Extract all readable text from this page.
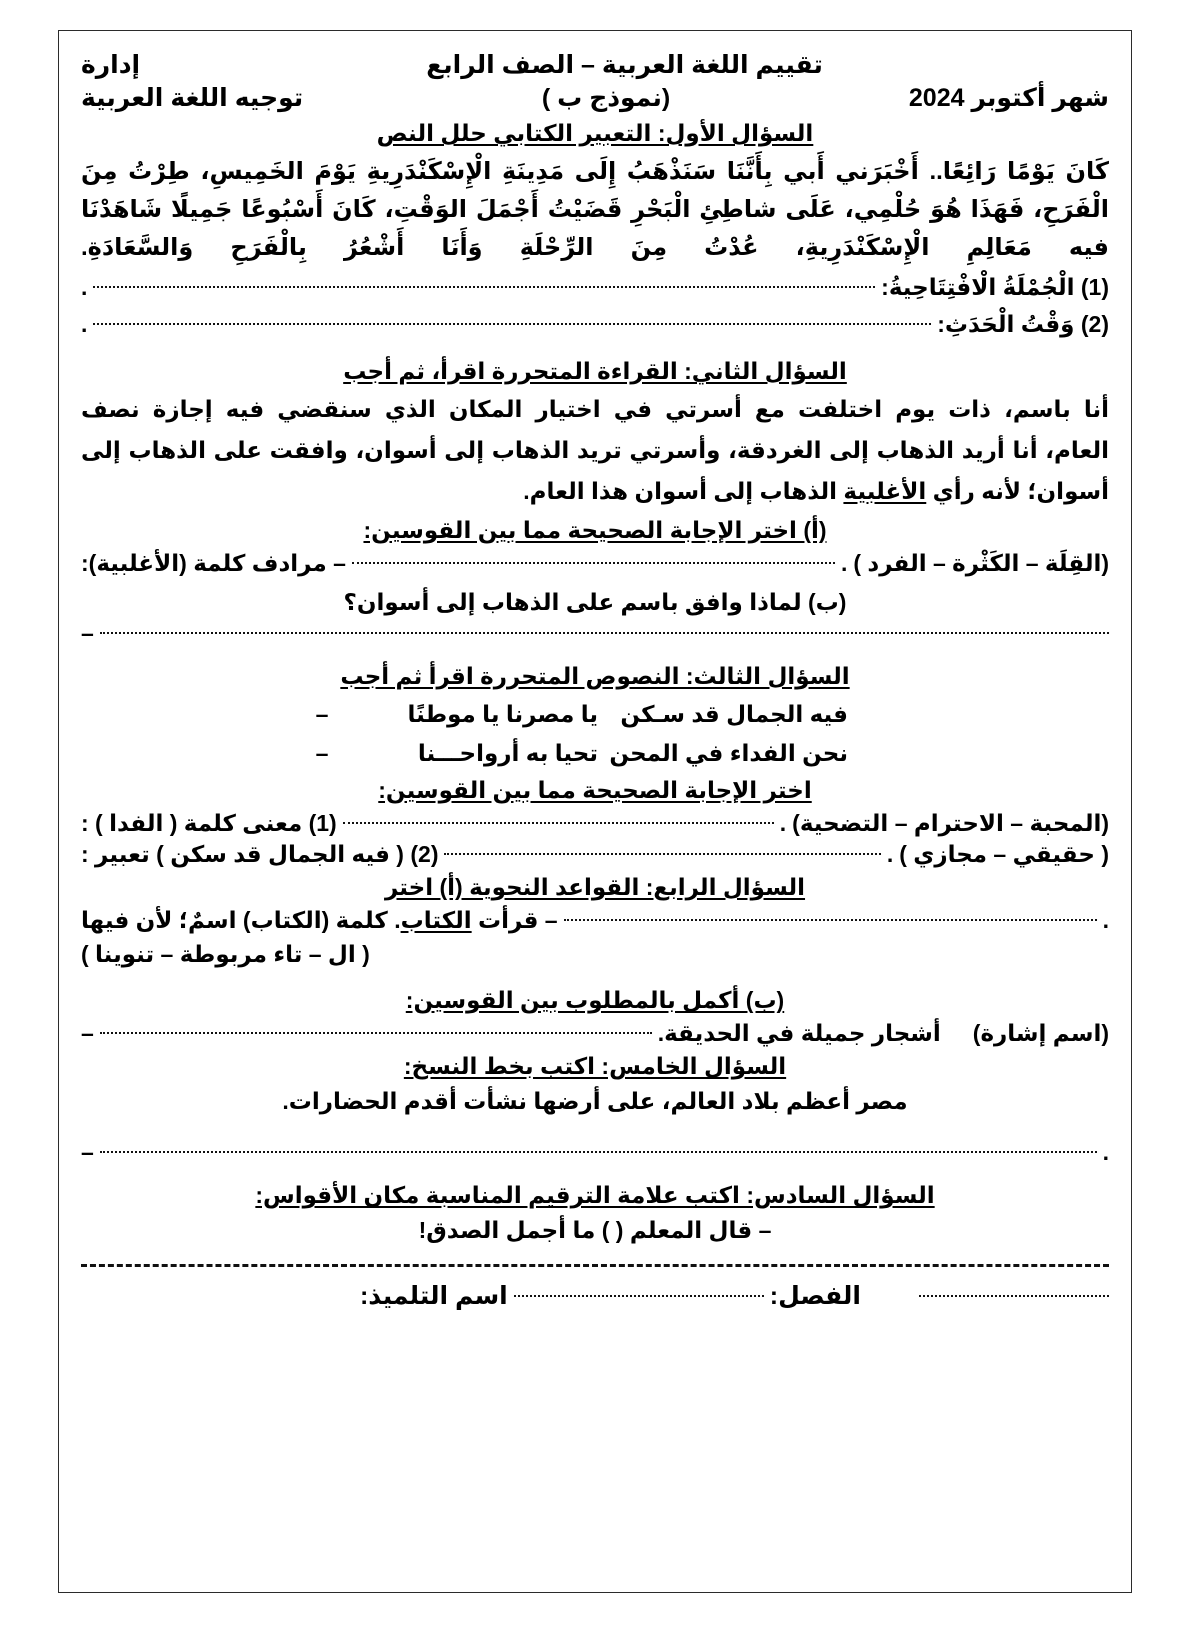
تقييم اللغة العربية – الصف الرابع
إدارة
شهر أكتوبر 2024
(نموذج ب )
توجيه اللغة العربية
السؤال الأول: التعبير الكتابي حلل النص
كَانَ يَوْمًا رَائِعًا.. أَخْبَرَني أَبي بِأَنَّنَا سَنَذْهَبُ إِلَى مَدِينَةِ الْإِسْكَنْدَرِيةِ يَوْمَ الخَمِيسِ، طِرْتُ مِنَ الْفَرَحِ، فَهَذَا هُوَ حُلْمِي، عَلَى شاطِئِ الْبَحْرِ قَضَيْتُ أَجْمَلَ الوَقْتِ، كَانَ أَسْبُوعًا جَمِيلًا شَاهَدْنَا فيه مَعَالِمِ الْإِسْكَنْدَرِيةِ، عُدْتُ مِنَ الرِّحْلَةِ وَأَنَا أَشْعُرُ بِالْفَرَحِ وَالسَّعَادَةِ.
(1) الْجُمْلَةُ الْافْتِتَاحِيةُ:
.
(2) وَقْتُ الْحَدَثِ:
.
السؤال الثاني: القراءة المتحررة اقرأ، ثم أجب
أنا باسم، ذات يوم اختلفت مع أسرتي في اختيار المكان الذي سنقضي فيه إجازة نصف
العام، أنا أريد الذهاب إلى الغردقة، وأسرتي تريد الذهاب إلى أسوان، وافقت على الذهاب إلى
أسوان؛ لأنه رأي الأغلبية الذهاب إلى أسوان هذا العام.
(أ) اختر الإجابة الصحيحة مما بين القوسين:
(القِلَة – الكَثْرة – الفرد )
.
– مرادف كلمة (الأغلبية):
(ب) لماذا وافق باسم على الذهاب إلى أسوان؟
–
السؤال الثالث: النصوص المتحررة اقرأ ثم أجب
فيه الجمال قد سـكن
يا مصرنا يا موطنًا
–
نحن الفداء في المحن
تحيا به أرواحـــنا
–
اختر الإجابة الصحيحة مما بين القوسين:
(المحبة – الاحترام – التضحية)
.
(1) معنى كلمة ( الفدا ) :
( حقيقي – مجازي )
.
(2) ( فيه الجمال قد سكن ) تعبير :
السؤال الرابع: القواعد النحوية (أ) اختر
.
– قرأت الكتاب. كلمة (الكتاب) اسمٌ؛ لأن فيها
( ال – تاء مربوطة – تنوينا )
(ب) أكمل بالمطلوب بين القوسين:
(اسم إشارة)
أشجار جميلة في الحديقة.
–
السؤال الخامس: اكتب بخط النسخ:
مصر أعظم بلاد العالم، على أرضها نشأت أقدم الحضارات.
.
–
السؤال السادس: اكتب علامة الترقيم المناسبة مكان الأقواس:
– قال المعلم ( ) ما أجمل الصدق!
الفصل:
اسم التلميذ:
